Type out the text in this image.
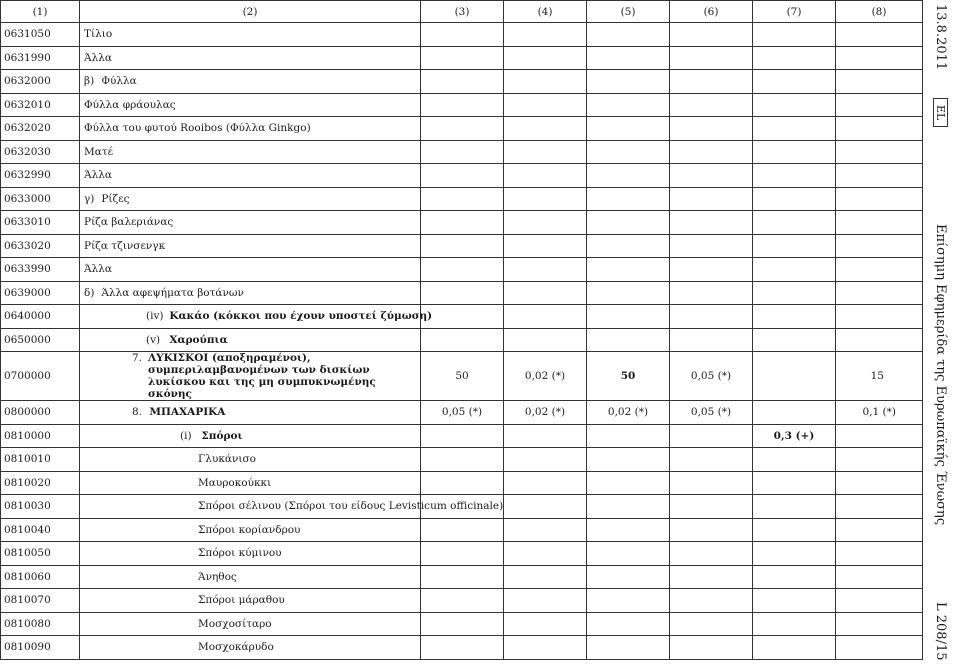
(1)	(2)	(3)	(4)	(5)	(6)	(7)	(8)
0631050	Τίλιο						
0631990	Άλλα						
0632000	β) Φύλλα						
0632010	Φύλλα φράουλας						
0632020	Φύλλα του φυτού Rooibos (Φύλλα Ginkgo)						
0632030	Ματέ						
0632990	Άλλα						
0633000	γ) Ρίζες						
0633010	Ρίζα βαλεριάνας						
0633020	Ρίζα τζινσενγκ						
0633990	Άλλα						
0639000	δ) Άλλα αφεψήματα βοτάνων						
0640000	(iv) Κακάο (κόκκοι που έχουν υποστεί ζύμωση)						
0650000	(v) Χαρούπια						
0700000	7. ΛΥΚΙΣΚΟΙ (αποξηραμένοι), συμπεριλαμβανομένων των δισκίων λυκίσκου και της μη συμπυκνωμένης σκόνης	50	0,02 (*)	50	0,05 (*)		15
0800000	8. ΜΠΑΧΑΡΙΚΑ	0,05 (*)	0,02 (*)	0,02 (*)	0,05 (*)		0,1 (*)
0810000	(i) Σπόροι					0,3 (+)	
0810010	Γλυκάνισο						
0810020	Μαυροκούκκι						
0810030	Σπόροι σέλινου (Σπόροι του είδους Levisticum officinale)						
0810040	Σπόροι κορίανδρου						
0810050	Σπόροι κύμινου						
0810060	Άνηθος						
0810070	Σπόροι μάραθου						
0810080	Μοσχοσίταρο						
0810090	Μοσχοκάρυδο						
13.8.2011
EL
Επίσημη Εφημερίδα της Ευρωπαϊκής Ένωσης
L 208/15
